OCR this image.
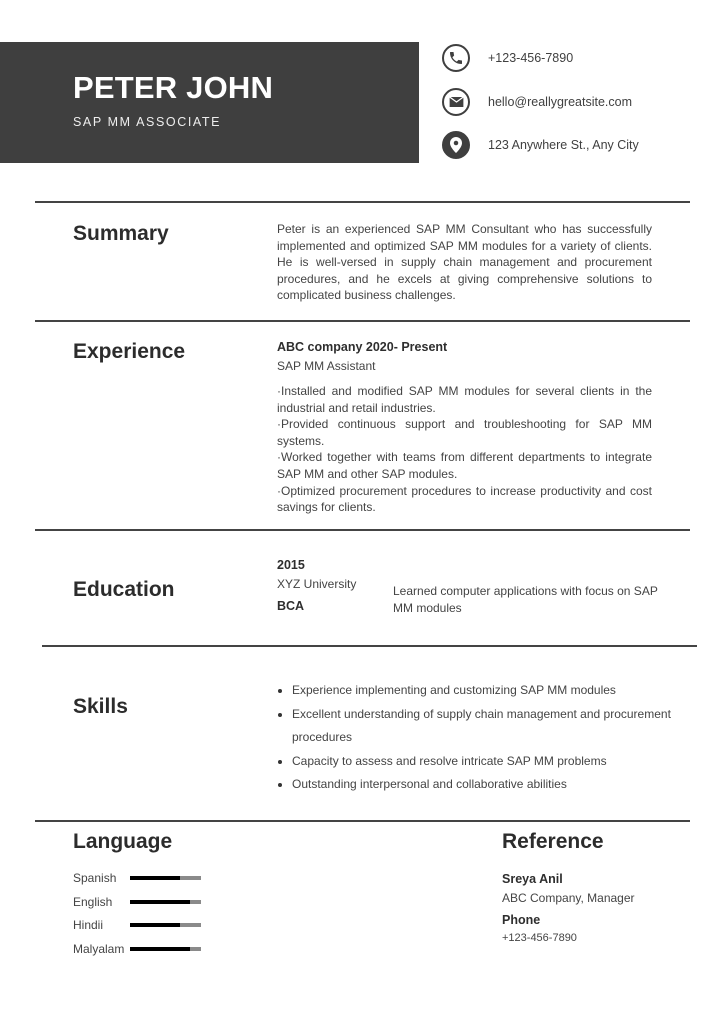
PETER JOHN
SAP MM ASSOCIATE
+123-456-7890
hello@reallygreatsite.com
123 Anywhere St., Any City
Summary	Peter is an experienced SAP MM Consultant who has successfully implemented and optimized SAP MM modules for a variety of clients. He is well-versed in supply chain management and procurement procedures, and he excels at giving comprehensive solutions to complicated business challenges.
Experience	ABC company 2020- Present
SAP MM Assistant
·Installed and modified SAP MM modules for several clients in the industrial and retail industries.
·Provided continuous support and troubleshooting for SAP MM systems.
·Worked together with teams from different departments to integrate SAP MM and other SAP modules.
·Optimized procurement procedures to increase productivity and cost savings for clients.
Education
2015
XYZ University
BCA
Learned computer applications with focus on SAP MM modules
Skills
Experience implementing and customizing SAP MM modules
Excellent understanding of supply chain management and procurement procedures
Capacity to assess and resolve intricate SAP MM problems
Outstanding interpersonal and collaborative abilities
Language
Spanish
English
Hindii
Malyalam
Reference
Sreya Anil
ABC Company, Manager
Phone
+123-456-7890
